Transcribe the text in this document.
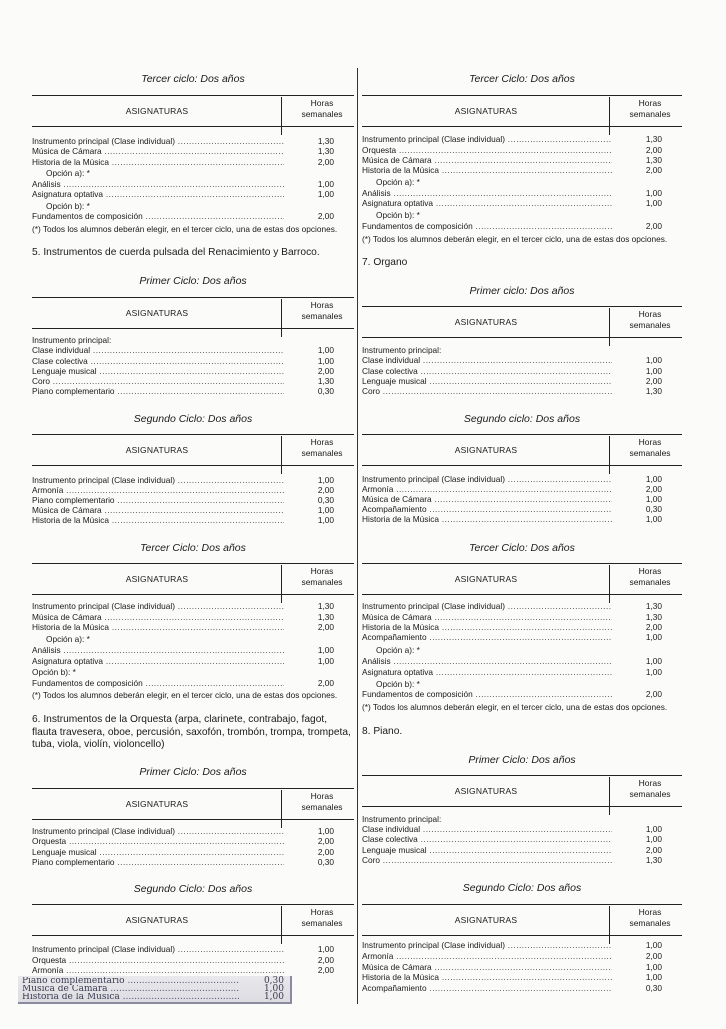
Tercer ciclo: Dos años
ASIGNATURAS
Horas semanales
Instrumento principal (Clase individual) .....	1,30
Música de Cámara .....	1,30
Historia de la Música .....	2,00
Opción a): *
Análisis .....	1,00
Asignatura optativa .....	1,00
Opción b): *
Fundamentos de composición .....	2,00
(*) Todos los alumnos deberán elegir, en el tercer ciclo, una de estas dos opciones.
5. Instrumentos de cuerda pulsada del Renacimiento y Barroco.
Primer Ciclo: Dos años
ASIGNATURAS
Horas semanales
Instrumento principal:
Clase individual .....	1,00
Clase colectiva .....	1,00
Lenguaje musical .....	2,00
Coro .....	1,30
Piano complementario .....	0,30
Segundo Ciclo: Dos años
ASIGNATURAS
Horas semanales
Instrumento principal (Clase individual) .....	1,00
Armonía .....	2,00
Piano complementario .....	0,30
Música de Cámara .....	1,00
Historia de la Música .....	1,00
Tercer Ciclo: Dos años
ASIGNATURAS
Horas semanales
Instrumento principal (Clase individual) .....	1,30
Música de Cámara .....	1,30
Historia de la Música .....	2,00
Opción a): *
Análisis .....	1,00
Asignatura optativa .....	1,00
Opción b): *
Fundamentos de composición .....	2,00
(*) Todos los alumnos deberán elegir, en el tercer ciclo, una de estas dos opciones.
6. Instrumentos de la Orquesta (arpa, clarinete, contrabajo, fagot, flauta travesera, oboe, percusión, saxofón, trombón, trompa, trompeta, tuba, viola, violín, violoncello)
Primer Ciclo: Dos años
ASIGNATURAS
Horas semanales
Instrumento principal (Clase individual) .....	1,00
Orquesta .....	2,00
Lenguaje musical .....	2,00
Piano complementario .....	0,30
Segundo Ciclo: Dos años
ASIGNATURAS
Horas semanales
Instrumento principal (Clase individual) .....	1,00
Orquesta .....	2,00
Armonía .....	2,00
Tercer Ciclo: Dos años
ASIGNATURAS
Horas semanales
Instrumento principal (Clase individual) .....	1,30
Orquesta .....	2,00
Música de Cámara .....	1,30
Historia de la Música .....	2,00
Opción a): *
Análisis .....	1,00
Asignatura optativa .....	1,00
Opción b): *
Fundamentos de composición .....	2,00
(*) Todos los alumnos deberán elegir, en el tercer ciclo, una de estas dos opciones.
7. Organo
Primer ciclo: Dos años
ASIGNATURAS
Horas semanales
Instrumento principal:
Clase individual .....	1,00
Clase colectiva .....	1,00
Lenguaje musical .....	2,00
Coro .....	1,30
Segundo ciclo: Dos años
ASIGNATURAS
Horas semanales
Instrumento principal (Clase individual) .....	1,00
Armonía .....	2,00
Música de Cámara .....	1,00
Acompañamiento .....	0,30
Historia de la Música .....	1,00
Tercer Ciclo: Dos años
ASIGNATURAS
Horas semanales
Instrumento principal (Clase individual) .....	1,30
Música de Cámara .....	1,30
Historia de la Música .....	2,00
Acompañamiento .....	1,00
Opción a): *
Análisis .....	1,00
Asignatura optativa .....	1,00
Opción b): *
Fundamentos de composición .....	2,00
(*) Todos los alumnos deberán elegir, en el tercer ciclo, una de estas dos opciones.
8. Piano.
Primer Ciclo: Dos años
ASIGNATURAS
Horas semanales
Instrumento principal:
Clase individual .....	1,00
Clase colectiva .....	1,00
Lenguaje musical .....	2,00
Coro .....	1,30
Segundo Ciclo: Dos años
ASIGNATURAS
Horas semanales
Instrumento principal (Clase individual) .....	1,00
Armonía .....	2,00
Música de Cámara .....	1,00
Historia de la Música .....	1,00
Acompañamiento .....	0,30
Piano complementario .....	0,30
Música de Cámara .....	1,00
Historia de la Música .....	1,00
